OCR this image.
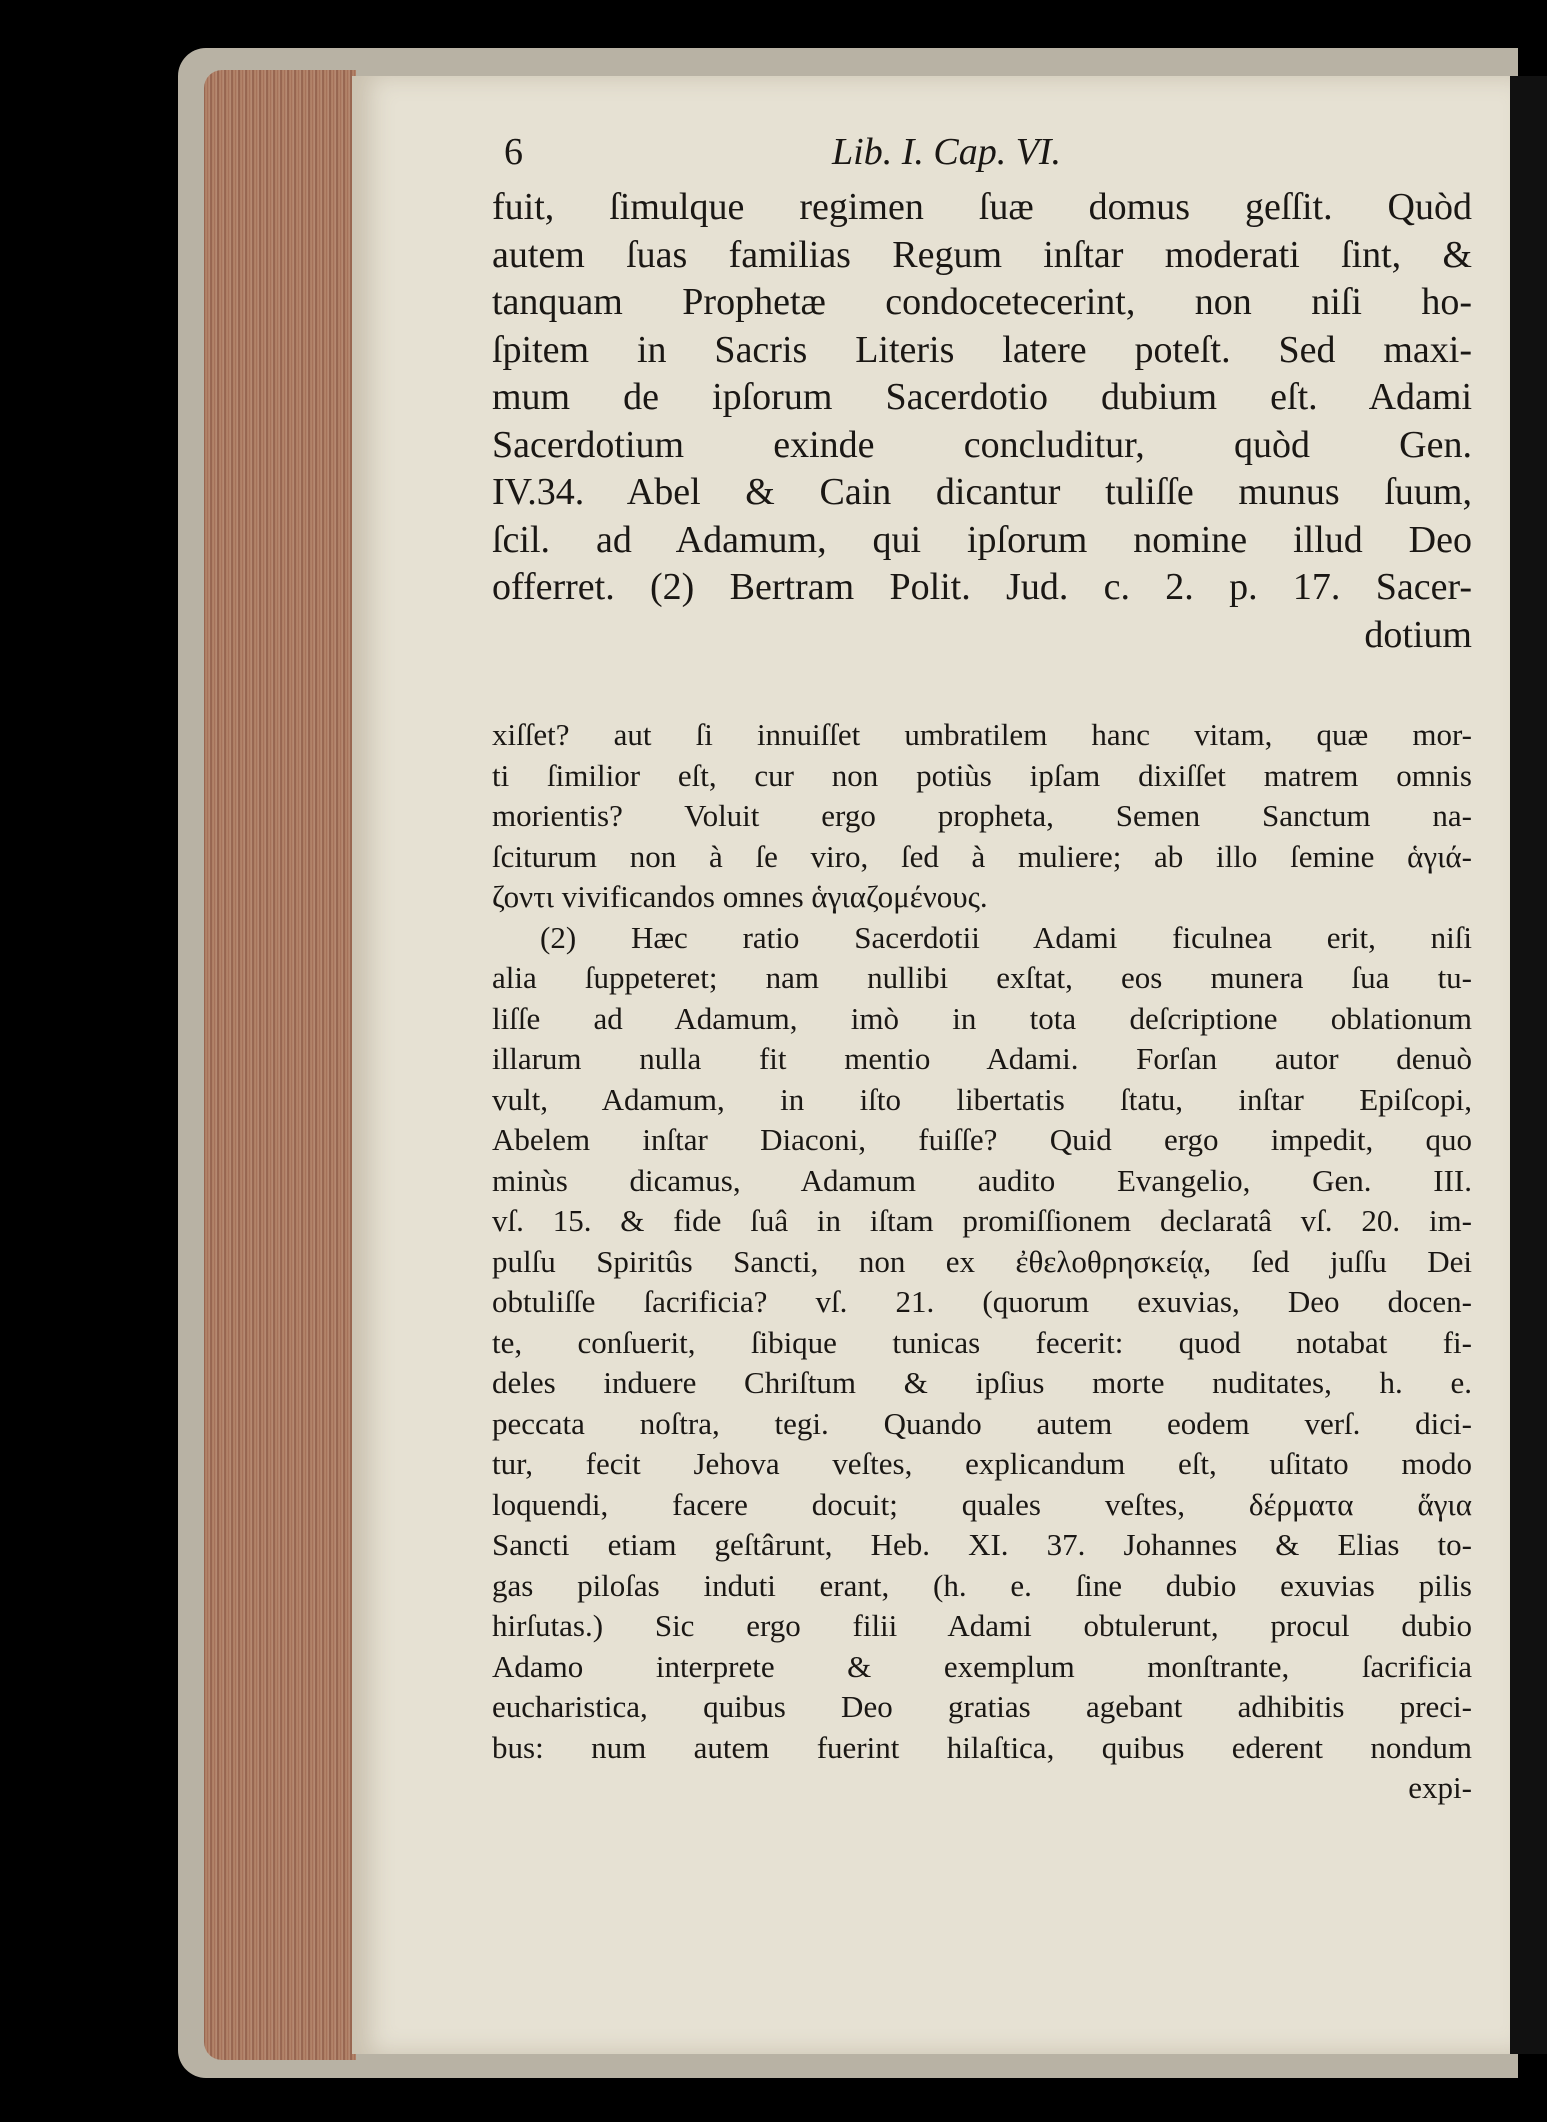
6	Lib. I. Cap. VI.
fuit, ſimulque regimen ſuæ domus geſſit. Quòd
autem ſuas familias Regum inſtar moderati ſint, &
tanquam Prophetæ condocetecerint, non niſi ho-
ſpitem in Sacris Literis latere poteſt. Sed maxi-
mum de ipſorum Sacerdotio dubium eſt. Adami
Sacerdotium exinde concluditur, quòd Gen.
IV.34. Abel & Cain dicantur tuliſſe munus ſuum,
ſcil. ad Adamum, qui ipſorum nomine illud Deo
offerret. (2) Bertram Polit. Jud. c. 2. p. 17. Sacer-
dotium
xiſſet? aut ſi innuiſſet umbratilem hanc vitam, quæ mor-
ti ſimilior eſt, cur non potiùs ipſam dixiſſet matrem omnis
morientis? Voluit ergo propheta, Semen Sanctum na-
ſciturum non à ſe viro, ſed à muliere; ab illo ſemine ἁγιά-
ζοντι vivificandos omnes ἁγιαζομένους.
(2) Hæc ratio Sacerdotii Adami ficulnea erit, niſi
alia ſuppeteret; nam nullibi exſtat, eos munera ſua tu-
liſſe ad Adamum, imò in tota deſcriptione oblationum
illarum nulla fit mentio Adami. Forſan autor denuò
vult, Adamum, in iſto libertatis ſtatu, inſtar Epiſcopi,
Abelem inſtar Diaconi, fuiſſe? Quid ergo impedit, quo
minùs dicamus, Adamum audito Evangelio, Gen. III.
vſ. 15. & fide ſuâ in iſtam promiſſionem declaratâ vſ. 20. im-
pulſu Spiritûs Sancti, non ex ἐθελοθρησκείᾳ, ſed juſſu Dei
obtuliſſe ſacrificia? vſ. 21. (quorum exuvias, Deo docen-
te, conſuerit, ſibique tunicas fecerit: quod notabat fi-
deles induere Chriſtum & ipſius morte nuditates, h. e.
peccata noſtra, tegi. Quando autem eodem verſ. dici-
tur, fecit Jehova veſtes, explicandum eſt, uſitato modo
loquendi, facere docuit; quales veſtes, δέρματα ἅγια
Sancti etiam geſtârunt, Heb. XI. 37. Johannes & Elias to-
gas piloſas induti erant, (h. e. ſine dubio exuvias pilis
hirſutas.) Sic ergo filii Adami obtulerunt, procul dubio
Adamo interprete & exemplum monſtrante, ſacrificia
eucharistica, quibus Deo gratias agebant adhibitis preci-
bus: num autem fuerint hilaſtica, quibus ederent nondum
expi-
